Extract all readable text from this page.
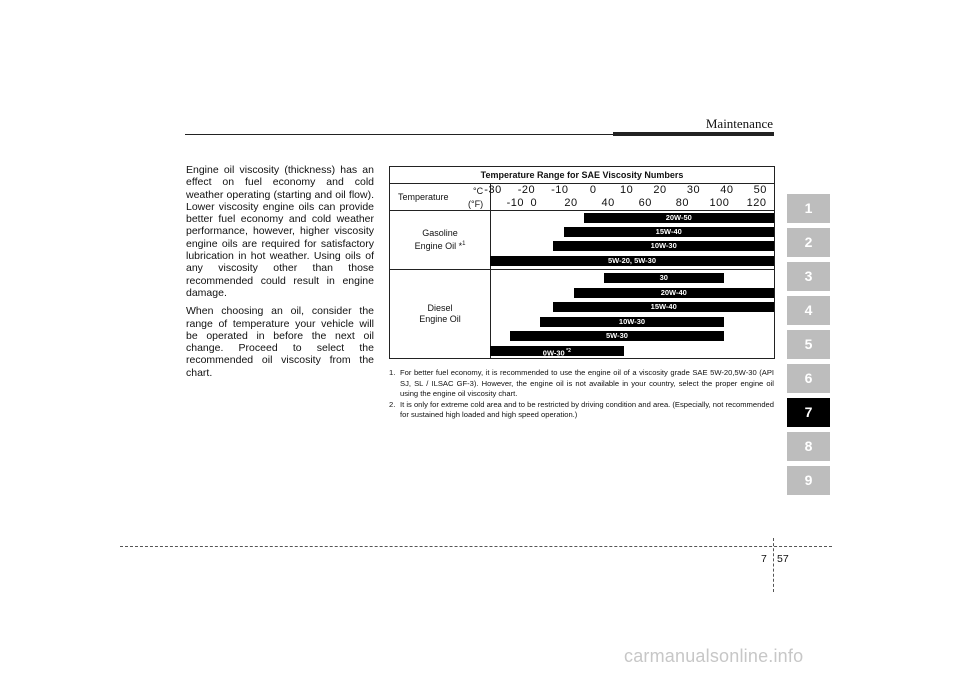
Maintenance

Engine oil viscosity (thickness) has an effect on fuel economy and cold weather operating (starting and oil flow). Lower viscosity engine oils can provide better fuel economy and cold weather performance, however, higher viscosity engine oils are required for satisfactory lubrication in hot weather. Using oils of any viscosity other than those recommended could result in engine damage.

When choosing an oil, consider the range of temperature your vehicle will be operated in before the next oil change. Proceed to select the recommended oil viscosity from the chart.

Temperature Range for SAE Viscosity Numbers
Temperature
°C
(°F)
-30 -20 -10 0 10 20 30 40 50
-10 0 20 40 60 80 100 120
Gasoline
Engine Oil *$^1$
Diesel
Engine Oil
20W-50
15W-40
10W-30
5W-20, 5W-30
30
20W-40
15W-40
10W-30
5W-30
0W-30 $^{*2}$
1. For better fuel economy, it is recommended to use the engine oil of a viscosity grade SAE 5W-20,5W-30 (API SJ, SL / ILSAC GF-3). However, the engine oil is not available in your country, select the proper engine oil using the engine oil viscosity chart.
2. It is only for extreme cold area and to be restricted by driving condition and area. (Especially, not recommended for sustained high loaded and high speed operation.)
1
2
3
4
5
6
7
8
9
7 57
carmanualsonline.info
